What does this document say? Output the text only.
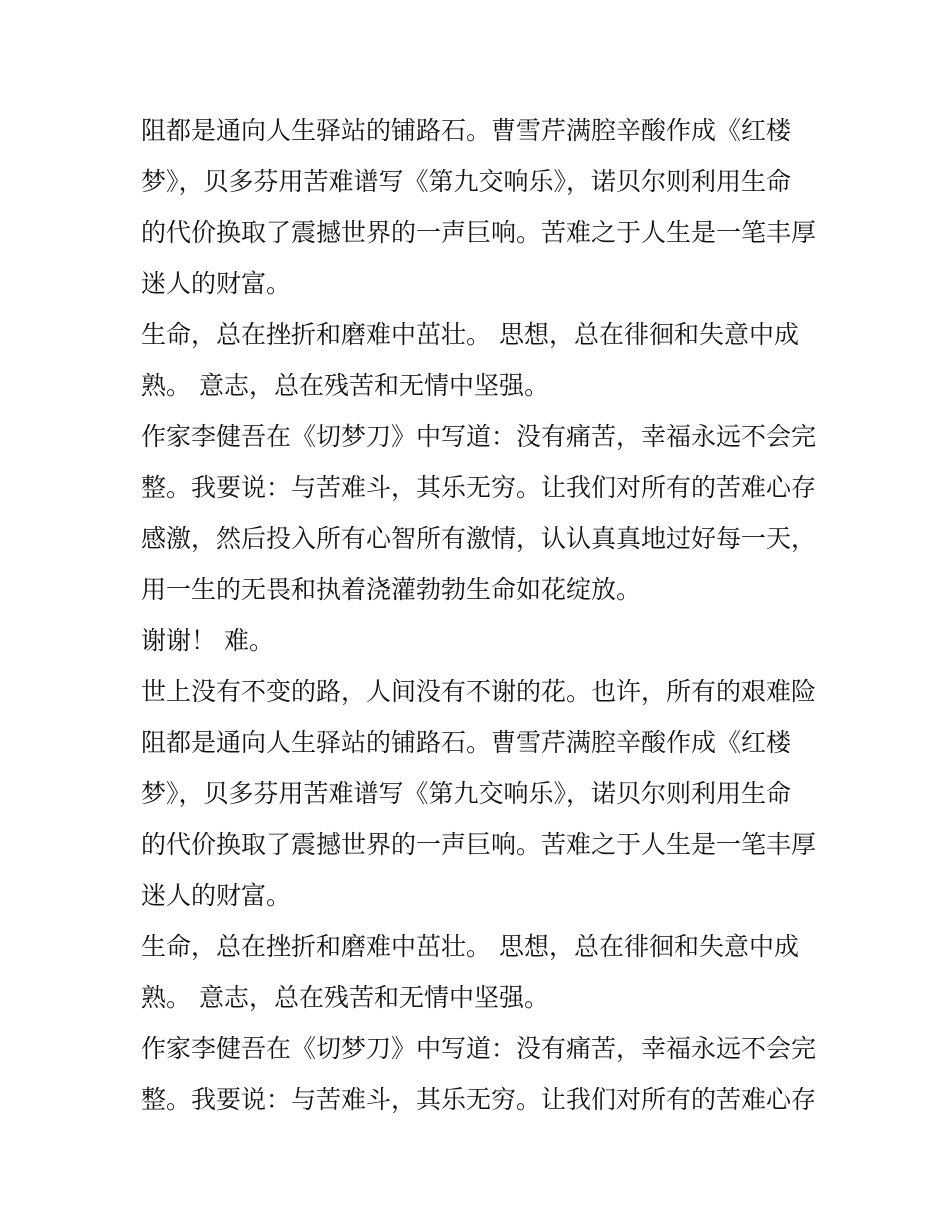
阻都是通向人生驿站的铺路石。曹雪芹满腔辛酸作成《红楼
梦》，贝多芬用苦难谱写《第九交响乐》，诺贝尔则利用生命
的代价换取了震撼世界的一声巨响。苦难之于人生是一笔丰厚
迷人的财富。
生命，总在挫折和磨难中茁壮。 思想，总在徘徊和失意中成
熟。 意志，总在残苦和无情中坚强。
作家李健吾在《切梦刀》中写道：没有痛苦，幸福永远不会完
整。我要说：与苦难斗，其乐无穷。让我们对所有的苦难心存
感激，然后投入所有心智所有激情，认认真真地过好每一天，
用一生的无畏和执着浇灌勃勃生命如花绽放。
谢谢！ 难。
世上没有不变的路，人间没有不谢的花。也许，所有的艰难险
阻都是通向人生驿站的铺路石。曹雪芹满腔辛酸作成《红楼
梦》，贝多芬用苦难谱写《第九交响乐》，诺贝尔则利用生命
的代价换取了震撼世界的一声巨响。苦难之于人生是一笔丰厚
迷人的财富。
生命，总在挫折和磨难中茁壮。 思想，总在徘徊和失意中成
熟。 意志，总在残苦和无情中坚强。
作家李健吾在《切梦刀》中写道：没有痛苦，幸福永远不会完
整。我要说：与苦难斗，其乐无穷。让我们对所有的苦难心存
